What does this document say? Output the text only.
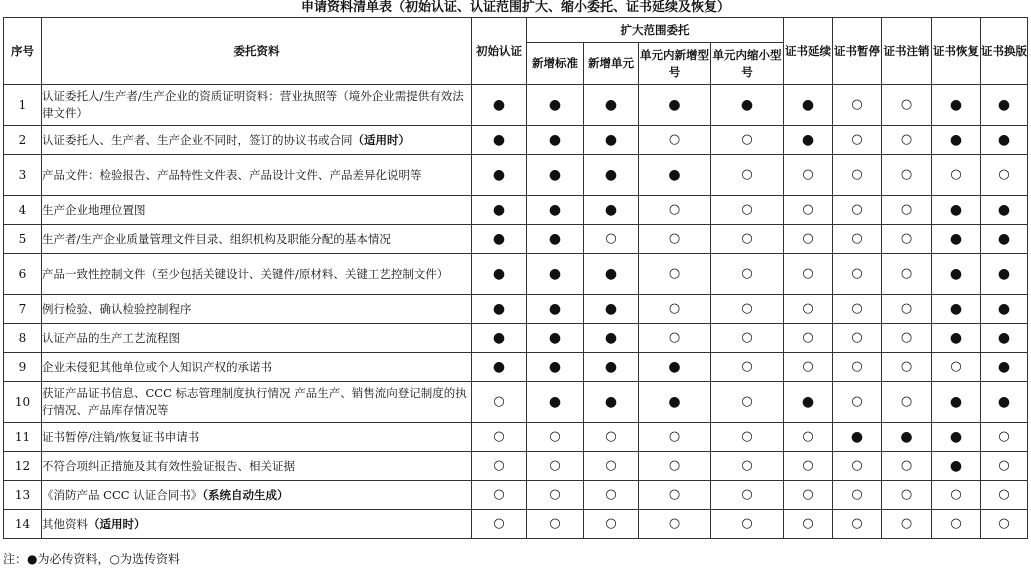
申请资料清单表（初始认证、认证范围扩大、缩小委托、证书延续及恢复）
序号	委托资料	初始认证	扩大范围委托				证书延续	证书暂停	证书注销	证书恢复	证书换版
			新增标准	新增单元	单元内新增型号	单元内缩小型号					
1	认证委托人/生产者/生产企业的资质证明资料：营业执照等（境外企业需提供有效法律文件）	●	●	●	●	●	●	○	○	●	●
2	认证委托人、生产者、生产企业不同时，签订的协议书或合同（适用时）	●	●	●	○	○	●	○	○	●	●
3	产品文件：检验报告、产品特性文件表、产品设计文件、产品差异化说明等	●	●	●	●	○	○	○	○	○	○
4	生产企业地理位置图	●	●	●	○	○	○	○	○	●	●
5	生产者/生产企业质量管理文件目录、组织机构及职能分配的基本情况	●	●	○	○	○	○	○	○	●	●
6	产品一致性控制文件（至少包括关键设计、关键件/原材料、关键工艺控制文件）	●	●	●	○	○	○	○	○	●	●
7	例行检验、确认检验控制程序	●	●	●	○	○	○	○	○	●	●
8	认证产品的生产工艺流程图	●	●	●	○	○	○	○	○	●	●
9	企业未侵犯其他单位或个人知识产权的承诺书	●	●	●	●	○	○	○	○	○	●
10	获证产品证书信息、CCC 标志管理制度执行情况 产品生产、销售流向登记制度的执行情况、产品库存情况等	○	●	●	●	○	●	○	○	●	●
11	证书暂停/注销/恢复证书申请书	○	○	○	○	○	○	●	●	●	○
12	不符合项纠正措施及其有效性验证报告、相关证据	○	○	○	○	○	○	○	○	●	○
13	《消防产品 CCC 认证合同书》（系统自动生成）	○	○	○	○	○	○	○	○	○	○
14	其他资料（适用时）	○	○	○	○	○	○	○	○	○	○
注：●为必传资料，○为选传资料
